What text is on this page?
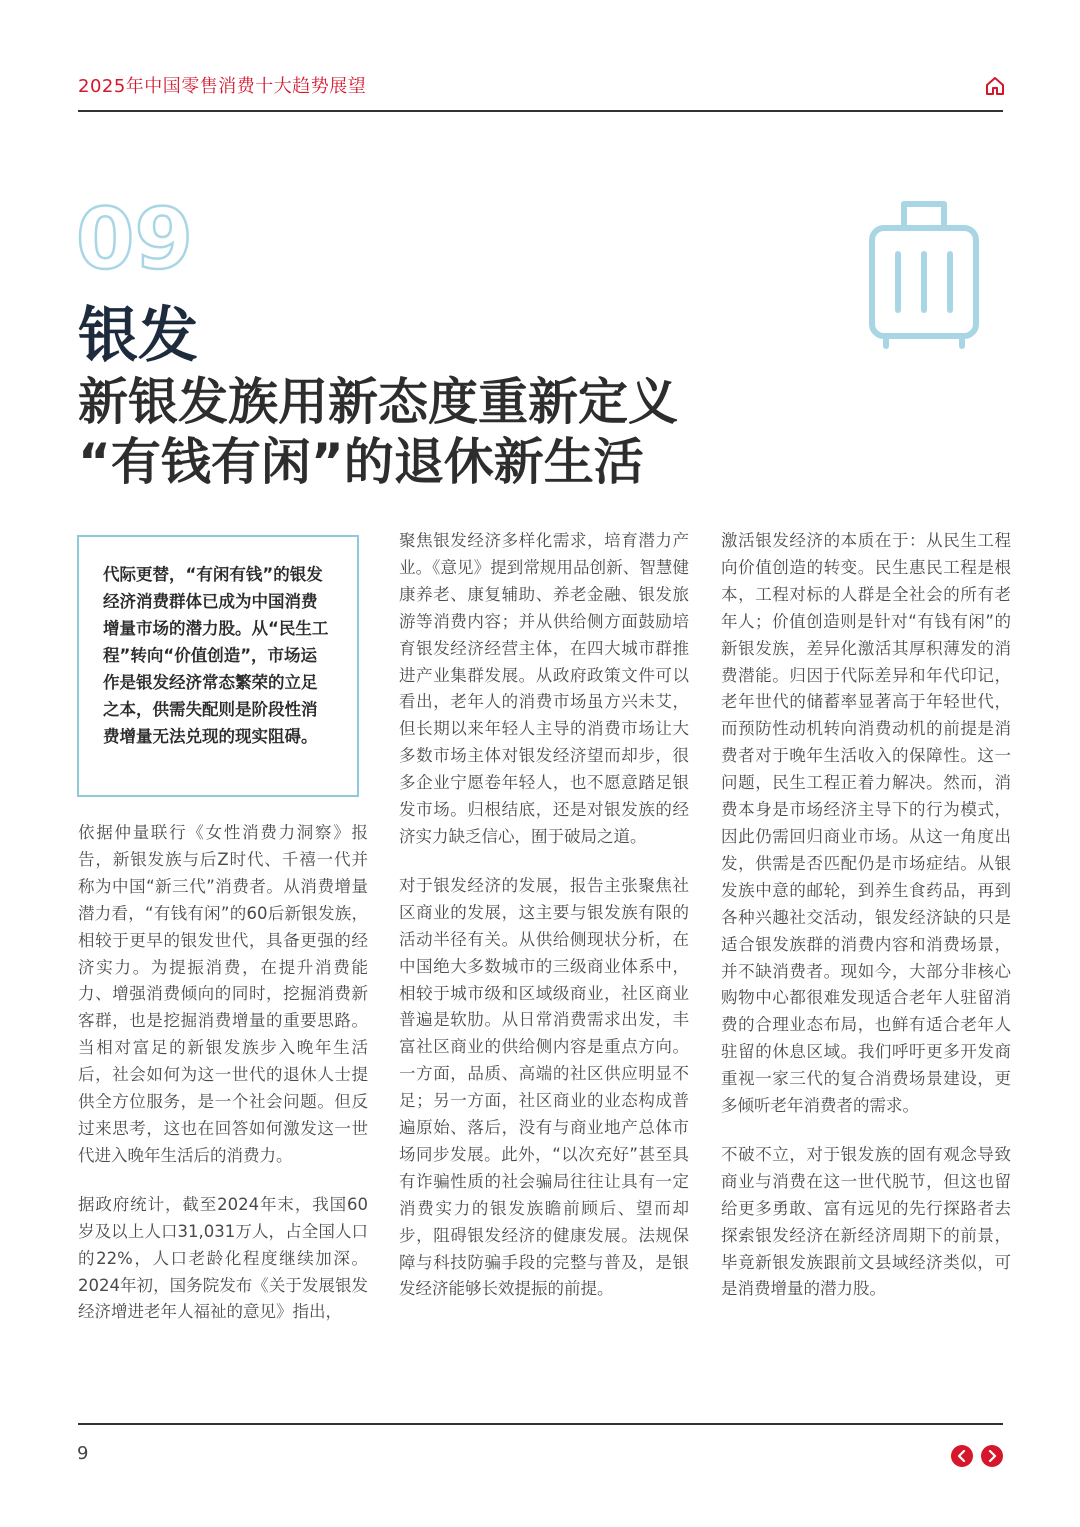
2025年中国零售消费十大趋势展望
09
银发
新银发族用新态度重新定义
“有钱有闲”的退休新生活
代际更替，“有闲有钱”的银发经济消费群体已成为中国消费增量市场的潜力股。从“民生工程”转向“价值创造”，市场运作是银发经济常态繁荣的立足之本，供需失配则是阶段性消费增量无法兑现的现实阻碍。

依据仲量联行《女性消费力洞察》报告，新银发族与后Z时代、千禧一代并称为中国“新三代”消费者。从消费增量潜力看，“有钱有闲”的60后新银发族，相较于更早的银发世代，具备更强的经济实力。为提振消费，在提升消费能力、增强消费倾向的同时，挖掘消费新客群，也是挖掘消费增量的重要思路。当相对富足的新银发族步入晚年生活后，社会如何为这一世代的退休人士提供全方位服务，是一个社会问题。但反过来思考，这也在回答如何激发这一世代进入晚年生活后的消费力。

据政府统计，截至2024年末，我国60岁及以上人口31,031万人，占全国人口的22%，人口老龄化程度继续加深。2024年初，国务院发布《关于发展银发经济增进老年人福祉的意见》指出，

聚焦银发经济多样化需求，培育潜力产业。《意见》提到常规用品创新、智慧健康养老、康复辅助、养老金融、银发旅游等消费内容；并从供给侧方面鼓励培育银发经济经营主体，在四大城市群推进产业集群发展。从政府政策文件可以看出，老年人的消费市场虽方兴未艾，但长期以来年轻人主导的消费市场让大多数市场主体对银发经济望而却步，很多企业宁愿卷年轻人，也不愿意踏足银发市场。归根结底，还是对银发族的经济实力缺乏信心，囿于破局之道。

对于银发经济的发展，报告主张聚焦社区商业的发展，这主要与银发族有限的活动半径有关。从供给侧现状分析，在中国绝大多数城市的三级商业体系中，相较于城市级和区域级商业，社区商业普遍是软肋。从日常消费需求出发，丰富社区商业的供给侧内容是重点方向。一方面，品质、高端的社区供应明显不足；另一方面，社区商业的业态构成普遍原始、落后，没有与商业地产总体市场同步发展。此外，“以次充好”甚至具有诈骗性质的社会骗局往往让具有一定消费实力的银发族瞻前顾后、望而却步，阻碍银发经济的健康发展。法规保障与科技防骗手段的完整与普及，是银发经济能够长效提振的前提。

激活银发经济的本质在于：从民生工程向价值创造的转变。民生惠民工程是根本，工程对标的人群是全社会的所有老年人；价值创造则是针对“有钱有闲”的新银发族，差异化激活其厚积薄发的消费潜能。归因于代际差异和年代印记，老年世代的储蓄率显著高于年轻世代，而预防性动机转向消费动机的前提是消费者对于晚年生活收入的保障性。这一问题，民生工程正着力解决。然而，消费本身是市场经济主导下的行为模式，因此仍需回归商业市场。从这一角度出发，供需是否匹配仍是市场症结。从银发族中意的邮轮，到养生食药品，再到各种兴趣社交活动，银发经济缺的只是适合银发族群的消费内容和消费场景，并不缺消费者。现如今，大部分非核心购物中心都很难发现适合老年人驻留消费的合理业态布局，也鲜有适合老年人驻留的休息区域。我们呼吁更多开发商重视一家三代的复合消费场景建设，更多倾听老年消费者的需求。

不破不立，对于银发族的固有观念导致商业与消费在这一世代脱节，但这也留给更多勇敢、富有远见的先行探路者去探索银发经济在新经济周期下的前景，毕竟新银发族跟前文县域经济类似，可是消费增量的潜力股。

9
